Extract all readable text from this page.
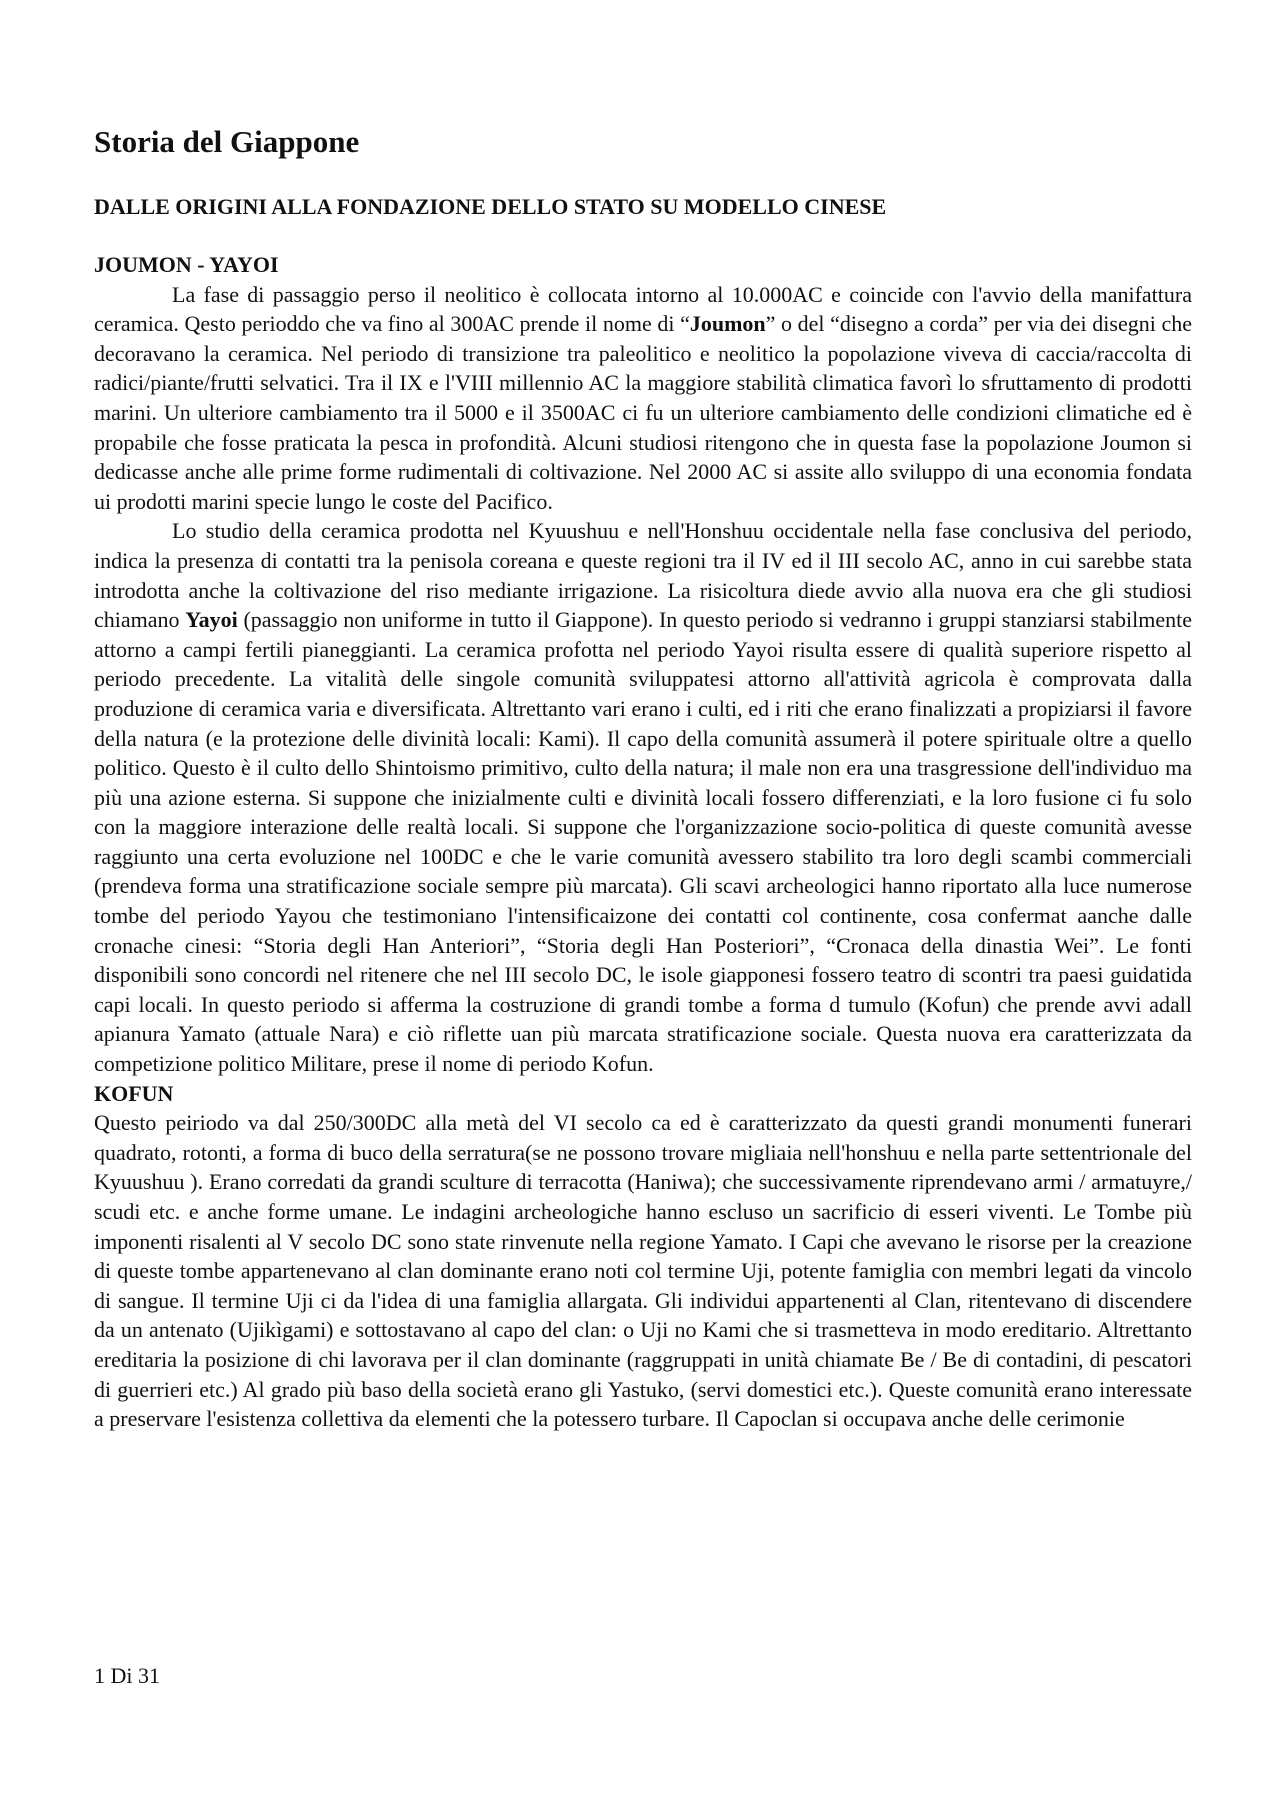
Storia del Giappone
DALLE ORIGINI ALLA FONDAZIONE DELLO STATO SU MODELLO CINESE
JOUMON - YAYOI

La fase di passaggio perso il neolitico è collocata intorno al 10.000AC e coincide con l'avvio della manifattura ceramica. Qesto perioddo che va fino al 300AC prende il nome di “Joumon” o del “disegno a corda” per via dei disegni che decoravano la ceramica. Nel periodo di transizione tra paleolitico e neolitico la popolazione viveva di caccia/raccolta di radici/piante/frutti selvatici. Tra il IX e l'VIII millennio AC la maggiore stabilità climatica favorì lo sfruttamento di prodotti marini. Un ulteriore cambiamento tra il 5000 e il 3500AC ci fu un ulteriore cambiamento delle condizioni climatiche ed è propabile che fosse praticata la pesca in profondità. Alcuni studiosi ritengono che in questa fase la popolazione Joumon si dedicasse anche alle prime forme rudimentali di coltivazione. Nel 2000 AC si assite allo sviluppo di una economia fondata ui prodotti marini specie lungo le coste del Pacifico.

Lo studio della ceramica prodotta nel Kyuushuu e nell'Honshuu occidentale nella fase conclusiva del periodo, indica la presenza di contatti tra la penisola coreana e queste regioni tra il IV ed il III secolo AC, anno in cui sarebbe stata introdotta anche la coltivazione del riso mediante irrigazione. La risicoltura diede avvio alla nuova era che gli studiosi chiamano Yayoi (passaggio non uniforme in tutto il Giappone). In questo periodo si vedranno i gruppi stanziarsi stabilmente attorno a campi fertili pianeggianti. La ceramica profotta nel periodo Yayoi risulta essere di qualità superiore rispetto al periodo precedente. La vitalità delle singole comunità sviluppatesi attorno all'attività agricola è comprovata dalla produzione di ceramica varia e diversificata. Altrettanto vari erano i culti, ed i riti che erano finalizzati a propiziarsi il favore della natura (e la protezione delle divinità locali: Kami). Il capo della comunità assumerà il potere spirituale oltre a quello politico. Questo è il culto dello Shintoismo primitivo, culto della natura; il male non era una trasgressione dell'individuo ma più una azione esterna. Si suppone che inizialmente culti e divinità locali fossero differenziati, e la loro fusione ci fu solo con la maggiore interazione delle realtà locali. Si suppone che l'organizzazione socio-politica di queste comunità avesse raggiunto una certa evoluzione nel 100DC e che le varie comunità avessero stabilito tra loro degli scambi commerciali (prendeva forma una stratificazione sociale sempre più marcata). Gli scavi archeologici hanno riportato alla luce numerose tombe del periodo Yayou che testimoniano l'intensificaizone dei contatti col continente, cosa confermat aanche dalle cronache cinesi: “Storia degli Han Anteriori”, “Storia degli Han Posteriori”, “Cronaca della dinastia Wei”. Le fonti disponibili sono concordi nel ritenere che nel III secolo DC, le isole giapponesi fossero teatro di scontri tra paesi guidatida capi locali. In questo periodo si afferma la costruzione di grandi tombe a forma d tumulo (Kofun) che prende avvi adall apianura Yamato (attuale Nara) e ciò riflette uan più marcata stratificazione sociale. Questa nuova era caratterizzata da competizione politico Militare, prese il nome di periodo Kofun.

KOFUN

Questo peiriodo va dal 250/300DC alla metà del VI secolo ca ed è caratterizzato da questi grandi monumenti funerari quadrato, rotonti, a forma di buco della serratura(se ne possono trovare migliaia nell'honshuu e nella parte settentrionale del Kyuushuu ). Erano corredati da grandi sculture di terracotta (Haniwa); che successivamente riprendevano armi / armatuyre,/ scudi etc. e anche forme umane. Le indagini archeologiche hanno escluso un sacrificio di esseri viventi. Le Tombe più imponenti risalenti al V secolo DC sono state rinvenute nella regione Yamato. I Capi che avevano le risorse per la creazione di queste tombe appartenevano al clan dominante erano noti col termine Uji, potente famiglia con membri legati da vincolo di sangue. Il termine Uji ci da l'idea di una famiglia allargata. Gli individui appartenenti al Clan, ritentevano di discendere da un antenato (Ujikìgami) e sottostavano al capo del clan: o Uji no Kami che si trasmetteva in modo ereditario. Altrettanto ereditaria la posizione di chi lavorava per il clan dominante (raggruppati in unità chiamate Be / Be di contadini, di pescatori di guerrieri etc.) Al grado più baso della società erano gli Yastuko, (servi domestici etc.). Queste comunità erano interessate a preservare l'esistenza collettiva da elementi che la potessero turbare. Il Capoclan si occupava anche delle cerimonie

1 Di 31
